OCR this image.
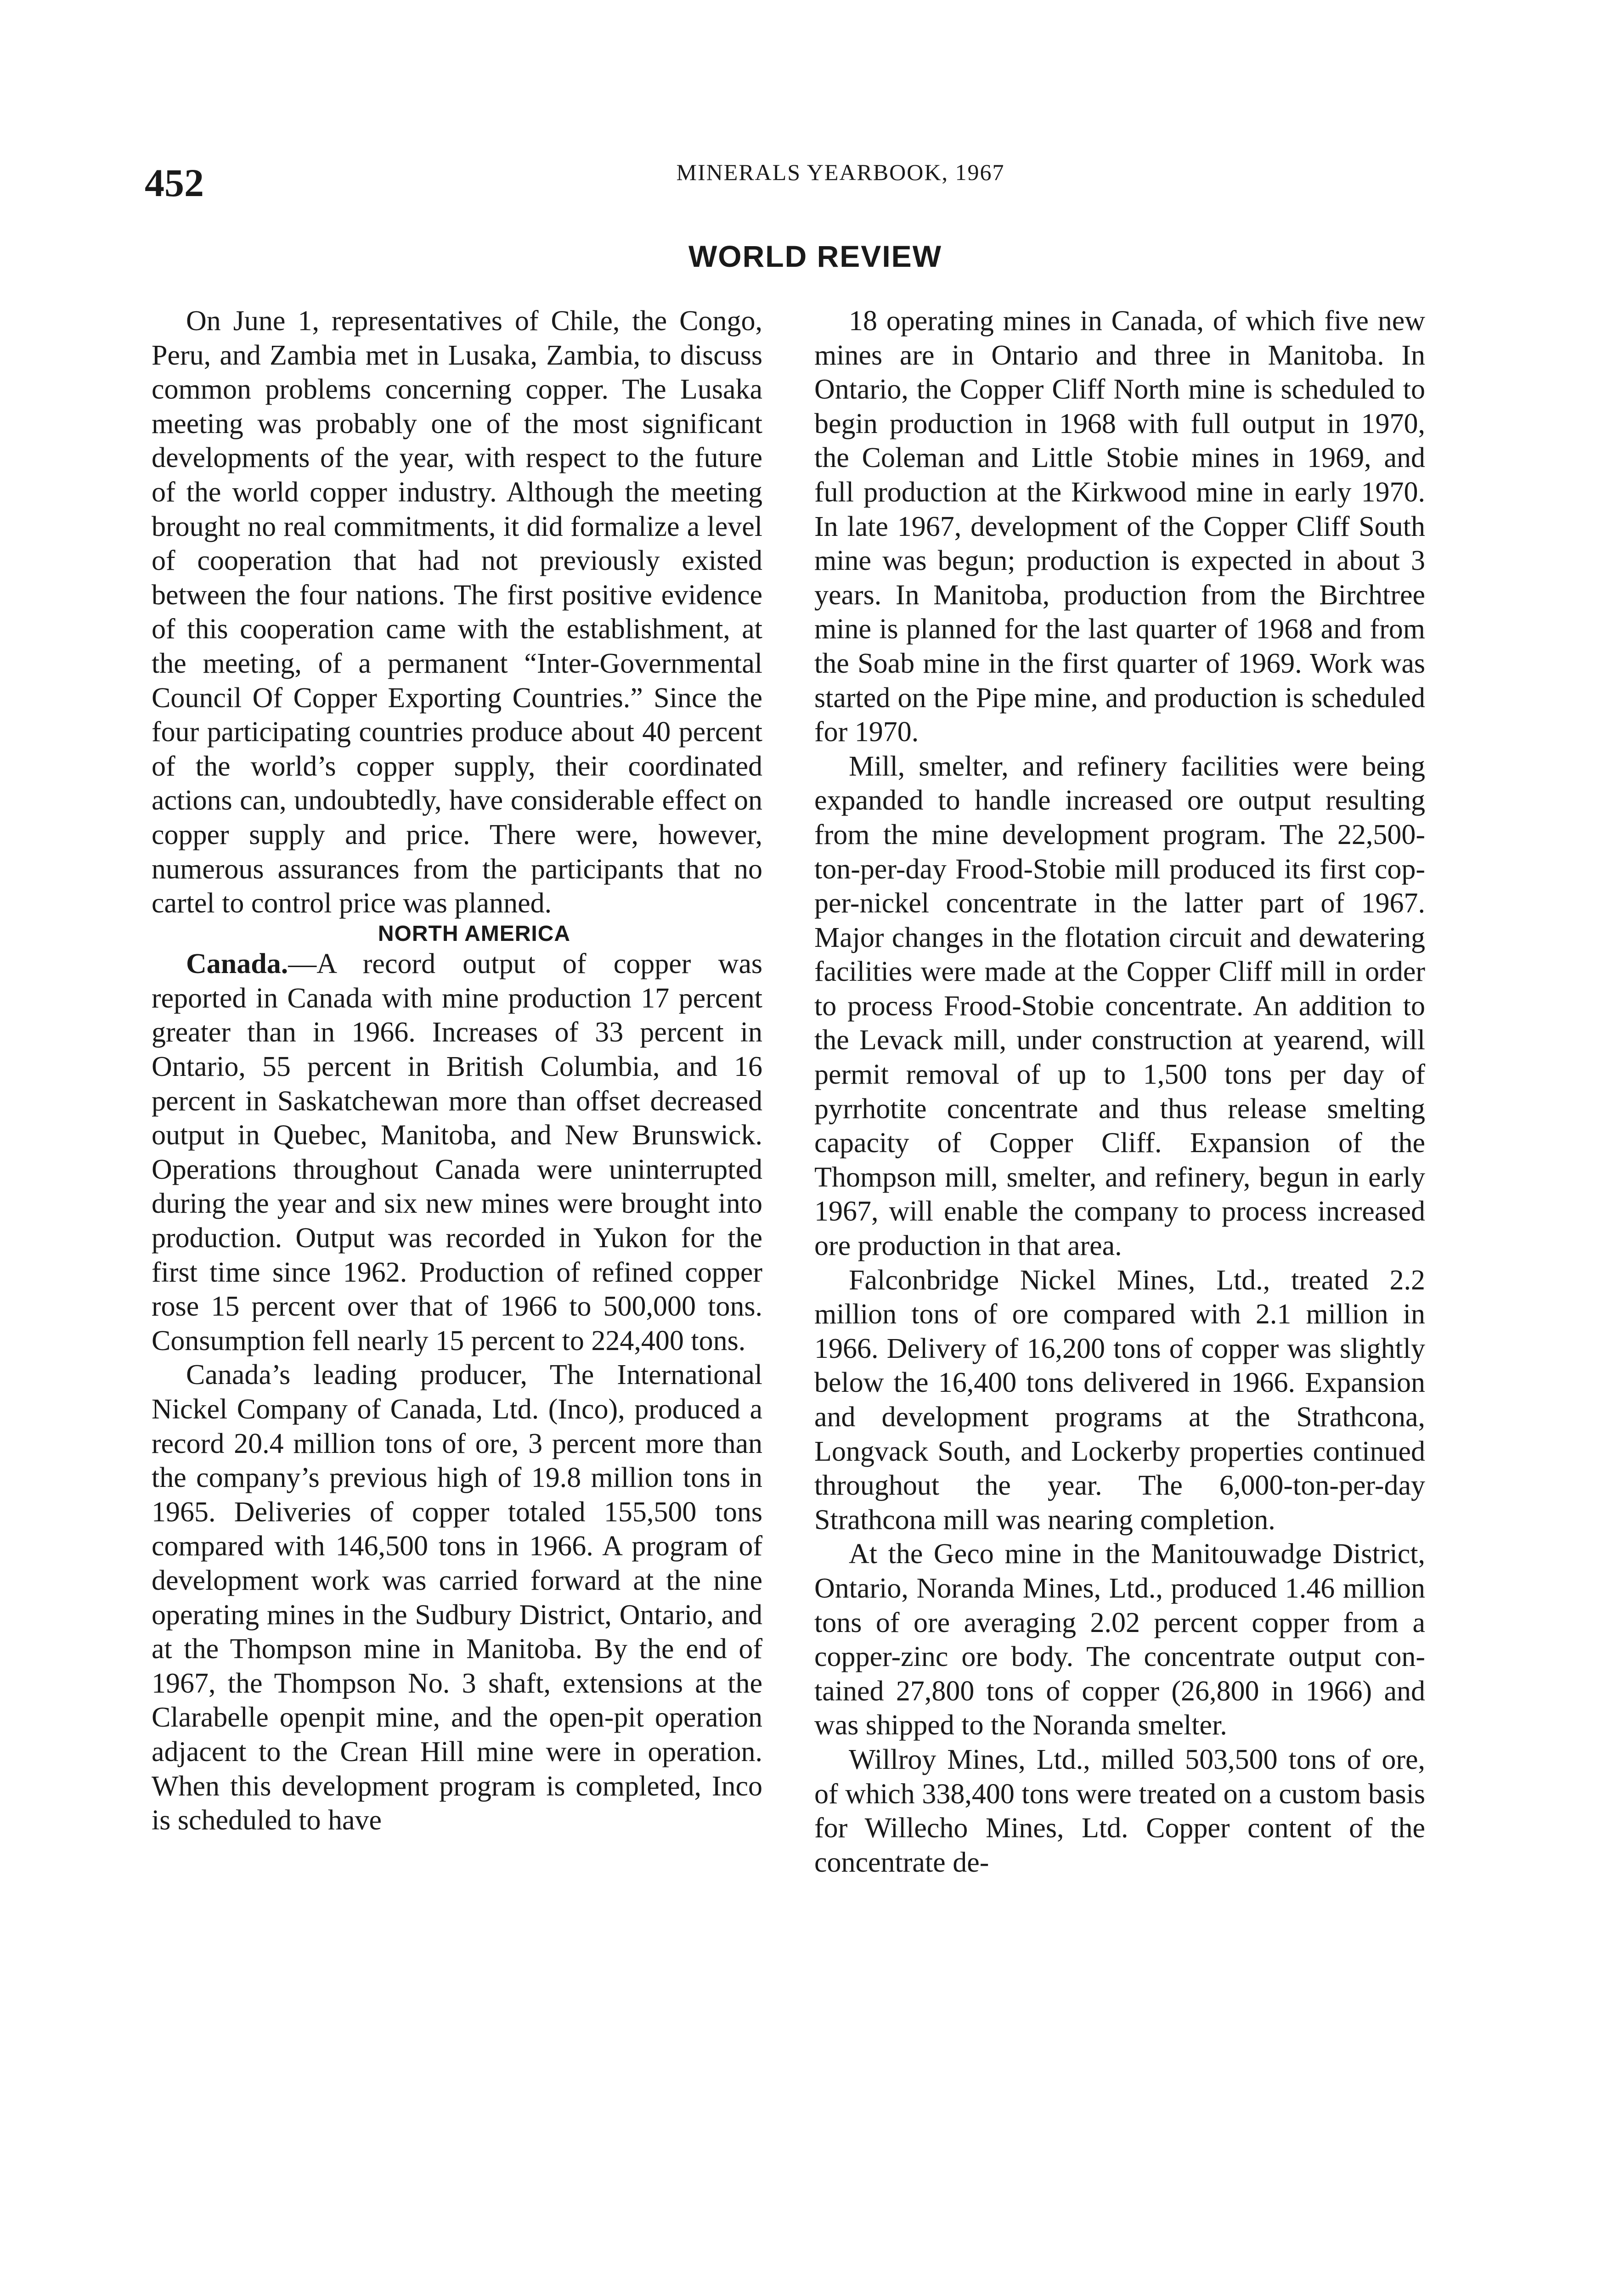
452	MINERALS YEARBOOK, 1967
WORLD REVIEW

On June 1, representatives of Chile, the Congo, Peru, and Zambia met in Lusaka, Zambia, to discuss common problems concerning copper. The Lusaka meeting was probably one of the most significant developments of the year, with respect to the future of the world copper industry. Although the meeting brought no real commitments, it did formalize a level of cooperation that had not previously existed between the four nations. The first positive evidence of this cooperation came with the establishment, at the meeting, of a permanent “Inter-Governmental Council Of Copper Exporting Countries.” Since the four participating countries produce about 40 percent of the world’s copper supply, their coordinated actions can, undoubtedly, have considerable effect on copper supply and price. There were, however, numerous assurances from the participants that no cartel to control price was planned.

NORTH AMERICA

Canada.—A record output of copper was reported in Canada with mine production 17 percent greater than in 1966. Increases of 33 percent in Ontario, 55 percent in British Columbia, and 16 percent in Saskatchewan more than offset decreased output in Quebec, Manitoba, and New Brunswick. Operations throughout Canada were uninterrupted during the year and six new mines were brought into production. Output was recorded in Yukon for the first time since 1962. Production of refined copper rose 15 percent over that of 1966 to 500,000 tons. Consumption fell nearly 15 percent to 224,400 tons.

Canada’s leading producer, The International Nickel Company of Canada, Ltd. (Inco), produced a record 20.4 million tons of ore, 3 percent more than the company’s previous high of 19.8 million tons in 1965. Deliveries of copper totaled 155,500 tons compared with 146,500 tons in 1966. A program of development work was carried forward at the nine operating mines in the Sudbury District, Ontario, and at the Thompson mine in Manitoba. By the end of 1967, the Thompson No. 3 shaft, extensions at the Clarabelle openpit mine, and the open-pit operation adjacent to the Crean Hill mine were in operation. When this development program is completed, Inco is scheduled to have

18 operating mines in Canada, of which five new mines are in Ontario and three in Manitoba. In Ontario, the Copper Cliff North mine is scheduled to begin production in 1968 with full output in 1970, the Coleman and Little Stobie mines in 1969, and full production at the Kirkwood mine in early 1970. In late 1967, development of the Copper Cliff South mine was begun; production is expected in about 3 years. In Manitoba, production from the Birchtree mine is planned for the last quarter of 1968 and from the Soab mine in the first quarter of 1969. Work was started on the Pipe mine, and production is scheduled for 1970.

Mill, smelter, and refinery facilities were being expanded to handle increased ore output resulting from the mine development program. The 22,500-ton-per-day Frood-Stobie mill produced its first copper-nickel concentrate in the latter part of 1967. Major changes in the flotation circuit and dewatering facilities were made at the Copper Cliff mill in order to process Frood-Stobie concentrate. An addition to the Levack mill, under construction at yearend, will permit removal of up to 1,500 tons per day of pyrrhotite concentrate and thus release smelting capacity of Copper Cliff. Expansion of the Thompson mill, smelter, and refinery, begun in early 1967, will enable the company to process increased ore production in that area.

Falconbridge Nickel Mines, Ltd., treated 2.2 million tons of ore compared with 2.1 million in 1966. Delivery of 16,200 tons of copper was slightly below the 16,400 tons delivered in 1966. Expansion and development programs at the Strathcona, Longvack South, and Lockerby properties continued throughout the year. The 6,000-ton-per-day Strathcona mill was nearing completion.

At the Geco mine in the Manitouwadge District, Ontario, Noranda Mines, Ltd., produced 1.46 million tons of ore averaging 2.02 percent copper from a copper-zinc ore body. The concentrate output contained 27,800 tons of copper (26,800 in 1966) and was shipped to the Noranda smelter.

Willroy Mines, Ltd., milled 503,500 tons of ore, of which 338,400 tons were treated on a custom basis for Willecho Mines, Ltd. Copper content of the concentrate de-
